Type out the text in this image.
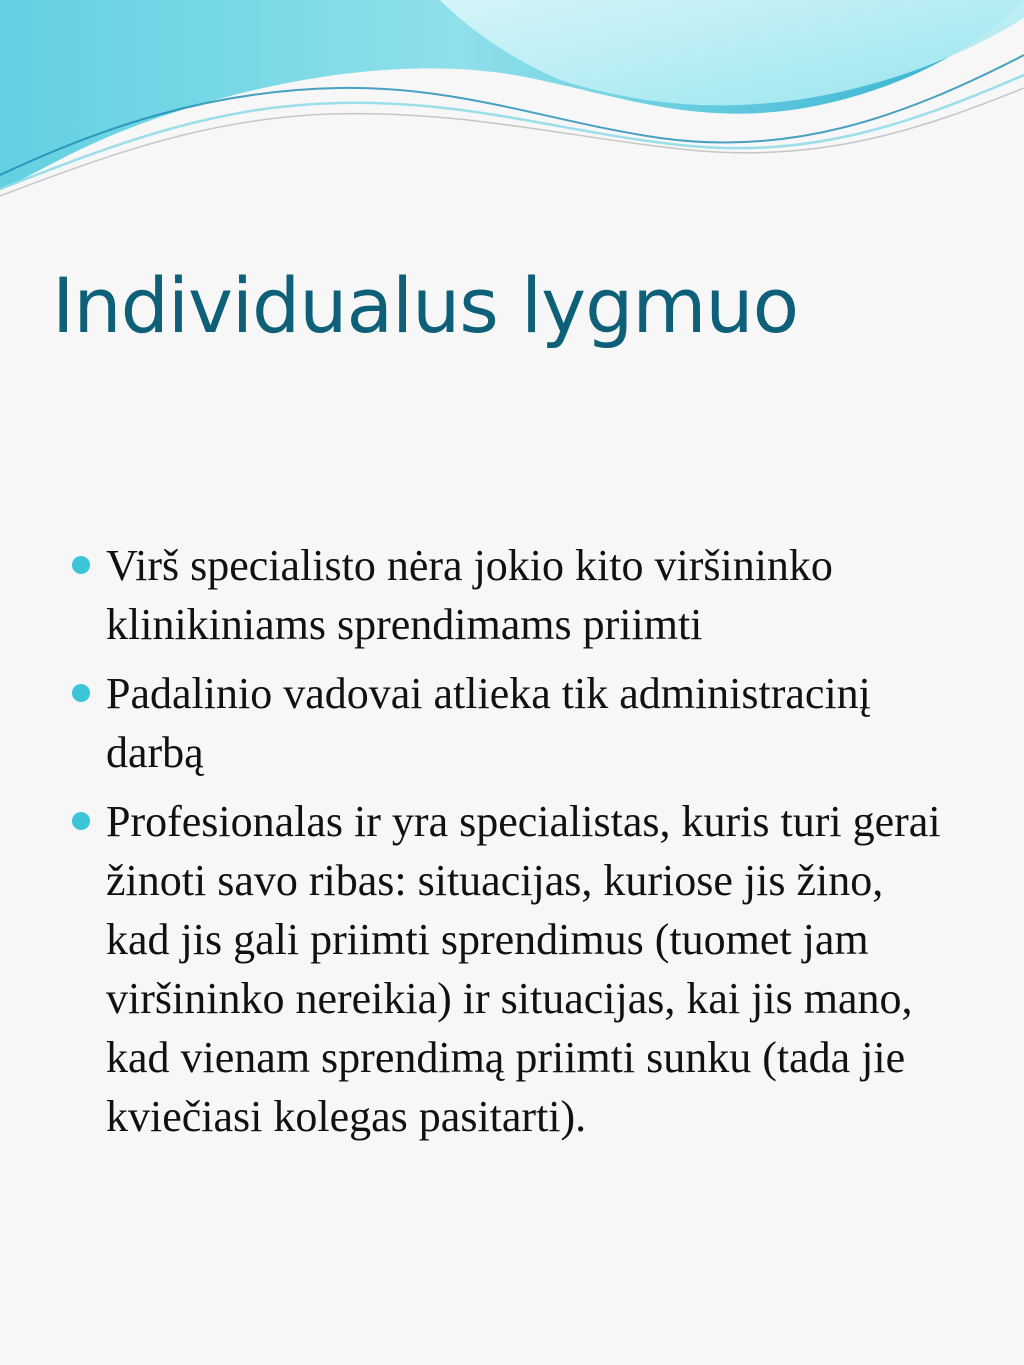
Individualus lygmuo
Virš specialisto nėra jokio kito viršininko klinikiniams sprendimams priimti
Padalinio vadovai atlieka tik administracinį darbą
Profesionalas ir yra specialistas, kuris turi gerai žinoti savo ribas: situacijas, kuriose jis žino, kad jis gali priimti sprendimus (tuomet jam viršininko nereikia) ir situacijas, kai jis mano, kad vienam sprendimą priimti sunku (tada jie kviečiasi kolegas pasitarti).
